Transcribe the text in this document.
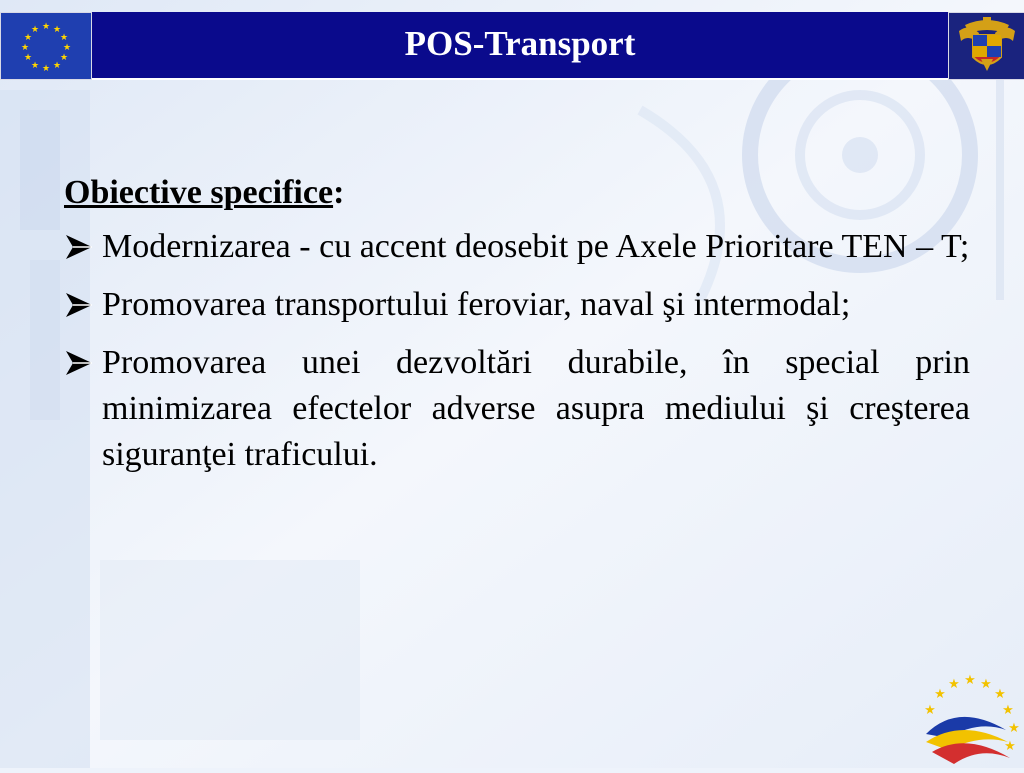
★ ★
★
★
★
★
★
★
★
★
★
★	POS-Transport

Obiective specifice:

Modernizarea - cu accent deosebit pe Axele Prioritare TEN – T;
Promovarea transportului feroviar, naval şi intermodal;
Promovarea unei dezvoltări durabile, în special prin minimizarea efectelor adverse asupra mediului şi creşterea siguranţei traficului.
★
★ ★ ★
★
★	★
★
★
